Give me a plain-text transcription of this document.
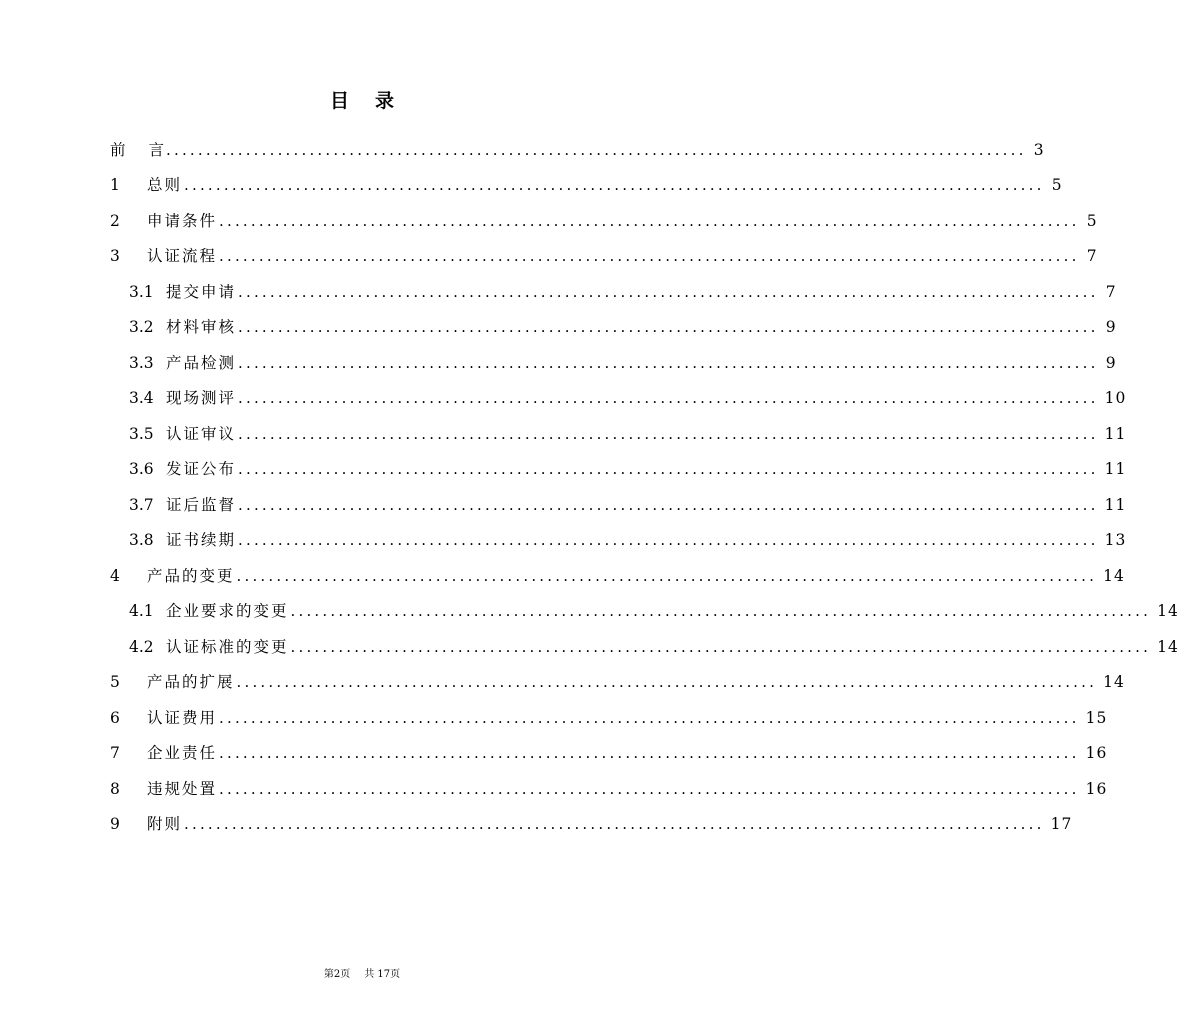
目 录
前 言 ............................................................................................................ 3
1	总则 ............................................................................................................ 5
2	申请条件 ............................................................................................................ 5
3	认证流程 ............................................................................................................ 7
3.1 提交申请 ............................................................................................................ 7
3.2 材料审核 ............................................................................................................ 9
3.3 产品检测 ............................................................................................................ 9
3.4 现场测评 ............................................................................................................ 10
3.5 认证审议 ............................................................................................................ 11
3.6 发证公布 ............................................................................................................ 11
3.7 证后监督 ............................................................................................................ 11
3.8 证书续期 ............................................................................................................ 13
4	产品的变更 ............................................................................................................ 14
4.1 企业要求的变更 ............................................................................................................ 14
4.2 认证标准的变更 ............................................................................................................ 14
5	产品的扩展 ............................................................................................................ 14
6	认证费用 ............................................................................................................ 15
7	企业责任 ............................................................................................................ 16
8	违规处置 ............................................................................................................ 16
9	附则 ............................................................................................................ 17
第2页 共 17页
